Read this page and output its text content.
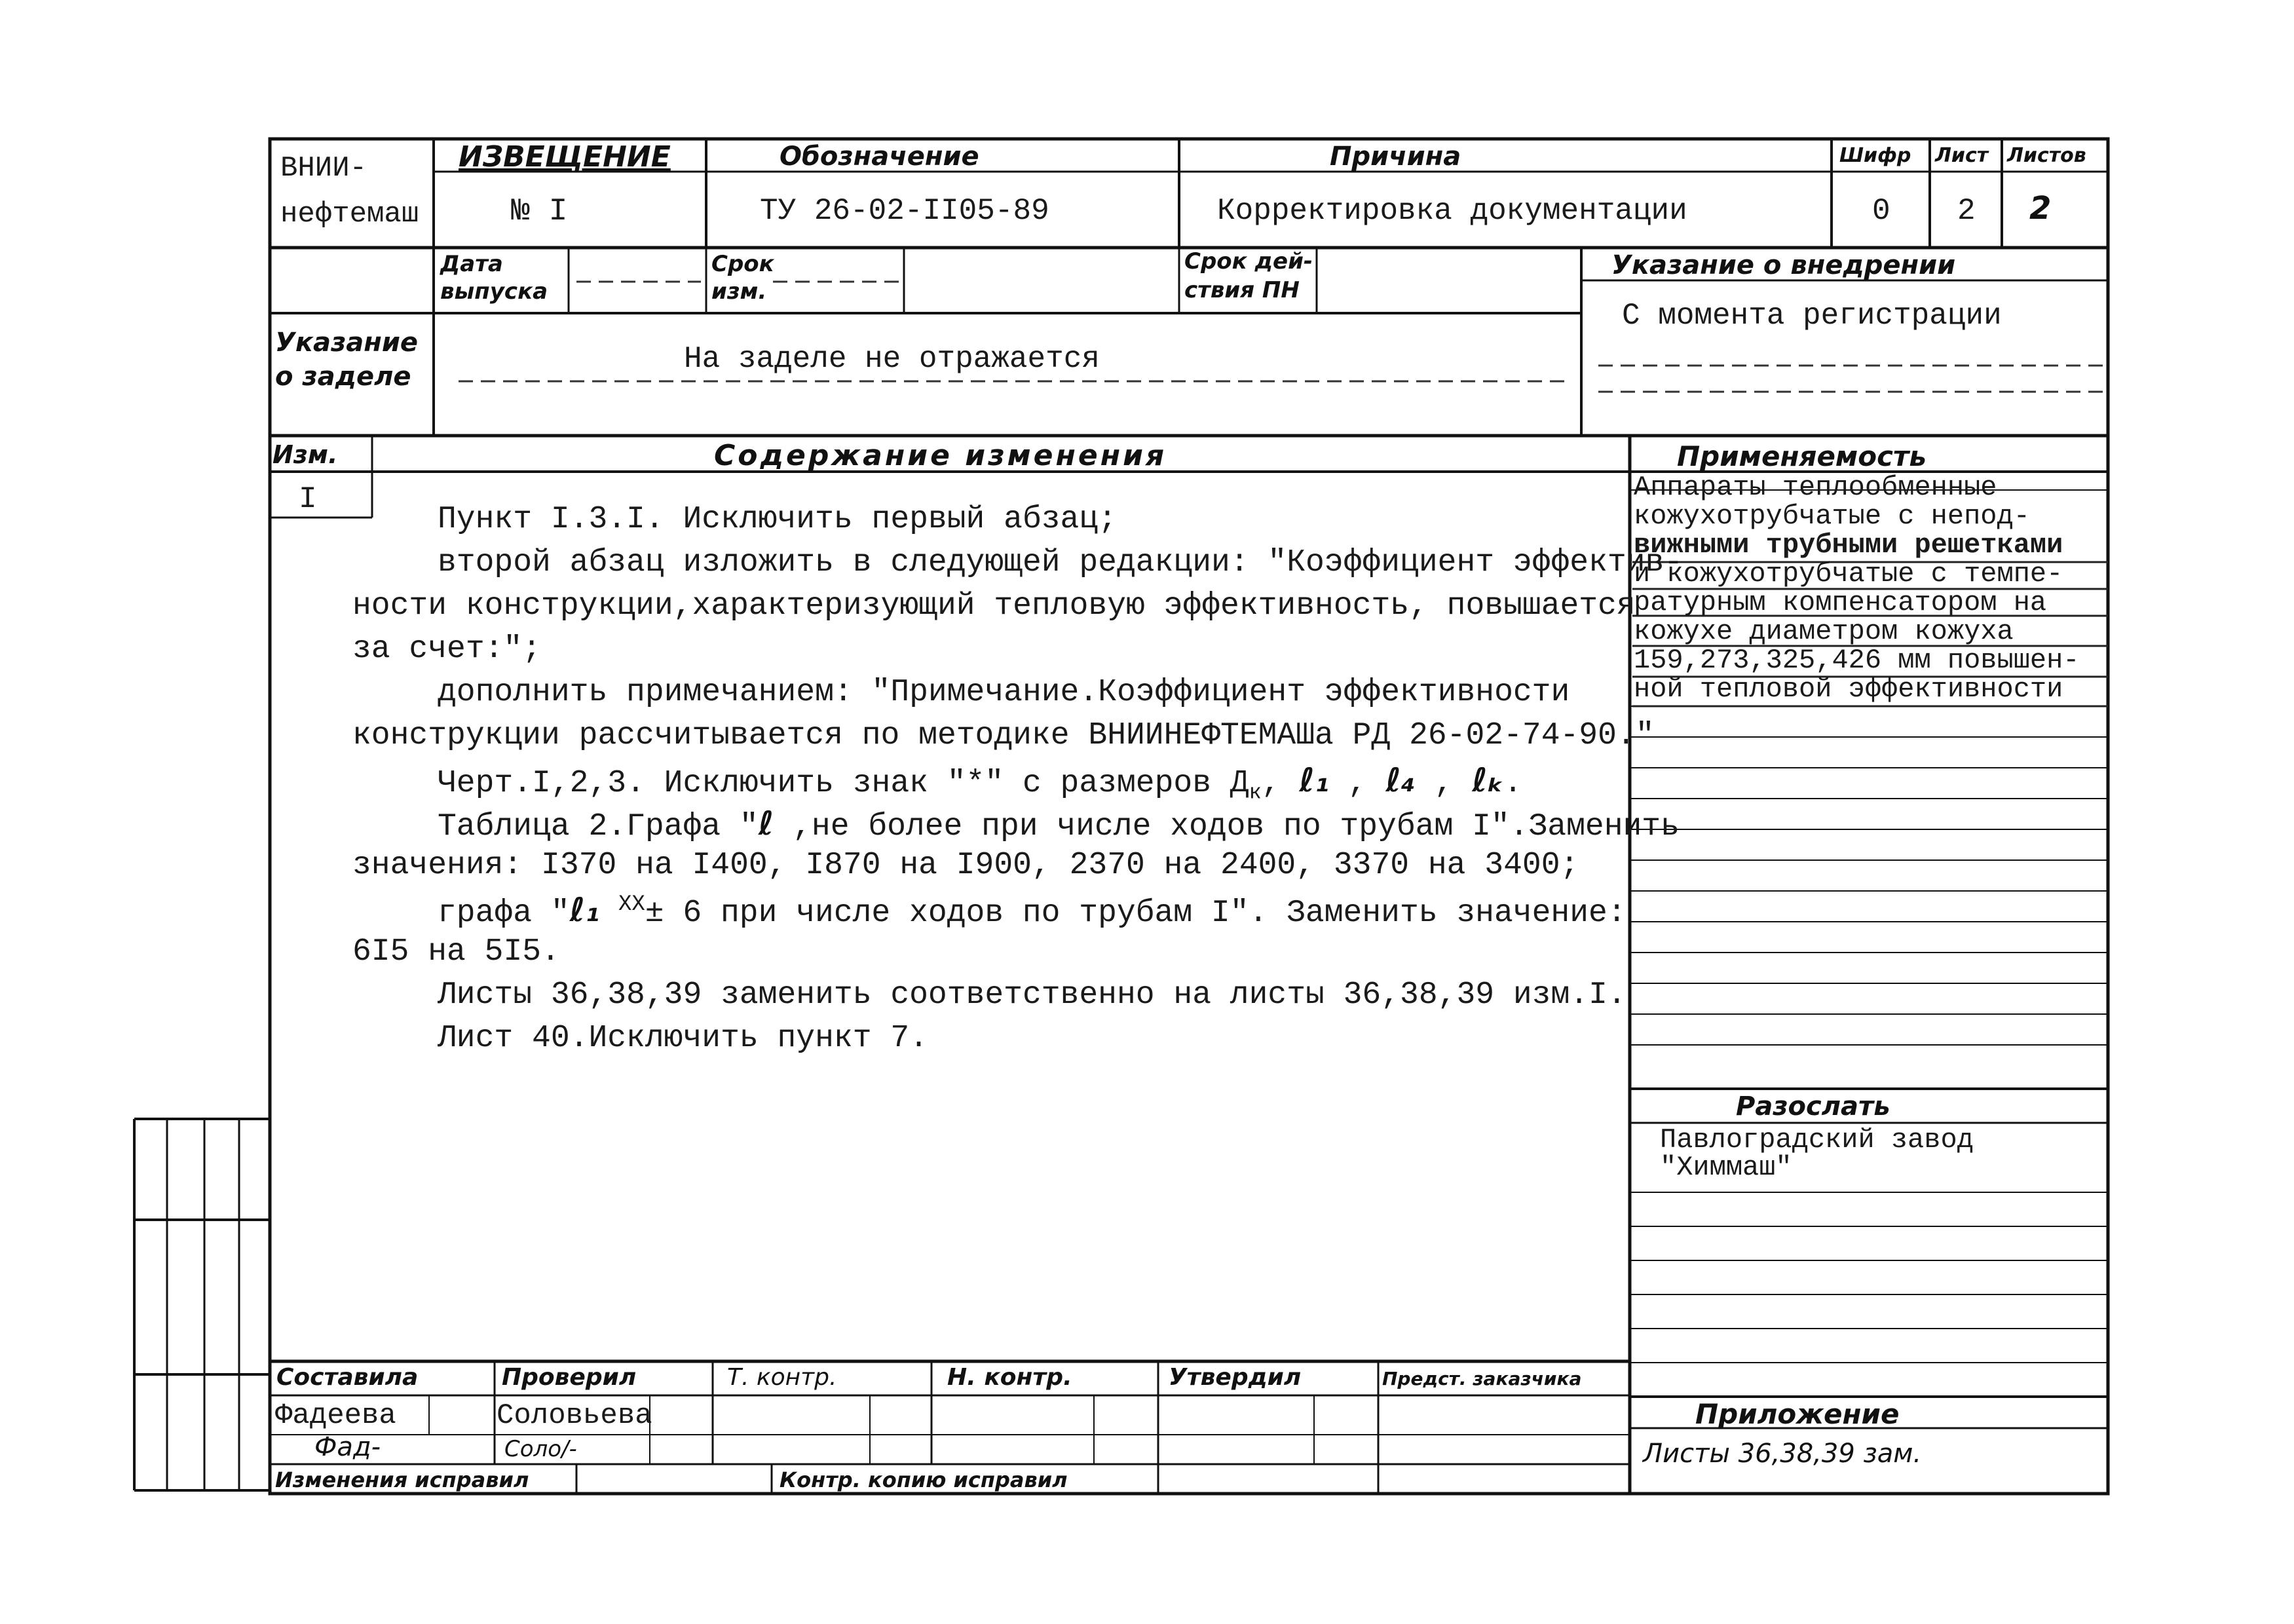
ВНИИ-
нефтемаш
ИЗВЕЩЕНИЕ
№ I
Обозначение
ТУ 26-02-II05-89
Причина
Корректировка документации
Шифр
0
Лист
2
Листов
2
Дата
выпуска
Срок
изм.
Срок дей-
ствия ПН
Указание о внедрении
С момента регистрации
Указание
о заделе
На заделе не отражается
Изм.
I
Содержание изменения	Применяемость
Пункт I.3.I. Исключить первый абзац;
второй абзац изложить в следующей редакции: "Коэффициент эффектив-
ности конструкции,характеризующий тепловую эффективность, повышается
за счет:";
дополнить примечанием: "Примечание.Коэффициент эффективности
конструкции рассчитывается по методике ВНИИНЕФТЕМАШа РД 26-02-74-90."
Черт.I,2,3. Исключить знак "*" с размеров $Д_к$, ℓ₁ , ℓ₄ , ℓₖ.
Таблица 2.Графа "ℓ ,не более при числе ходов по трубам I".Заменить
значения: I370 на I400, I870 на I900, 2370 на 2400, 3370 на 3400;
графа "ℓ₁ $^{XX}$± 6 при числе ходов по трубам I". Заменить значение:
6I5 на 5I5.
Листы 36,38,39 заменить соответственно на листы 36,38,39 изм.I.
Лист 40.Исключить пункт 7.
Аппараты теплообменные
кожухотрубчатые с непод-
вижными трубными решетками
и кожухотрубчатые с темпе-
ратурным компенсатором на
кожухе диаметром кожуха
159,273,325,426 мм повышен-
ной тепловой эффективности
Разослать
Павлоградский завод
"Химмаш"
Приложение
Листы 36,38,39 зам.
Составила	Проверил	Т. контр.	Н. контр.	Утвердил	Предст. заказчика
Фадеева	Соловьева
Фад-	Соло/-
Изменения исправил	Контр. копию исправил
